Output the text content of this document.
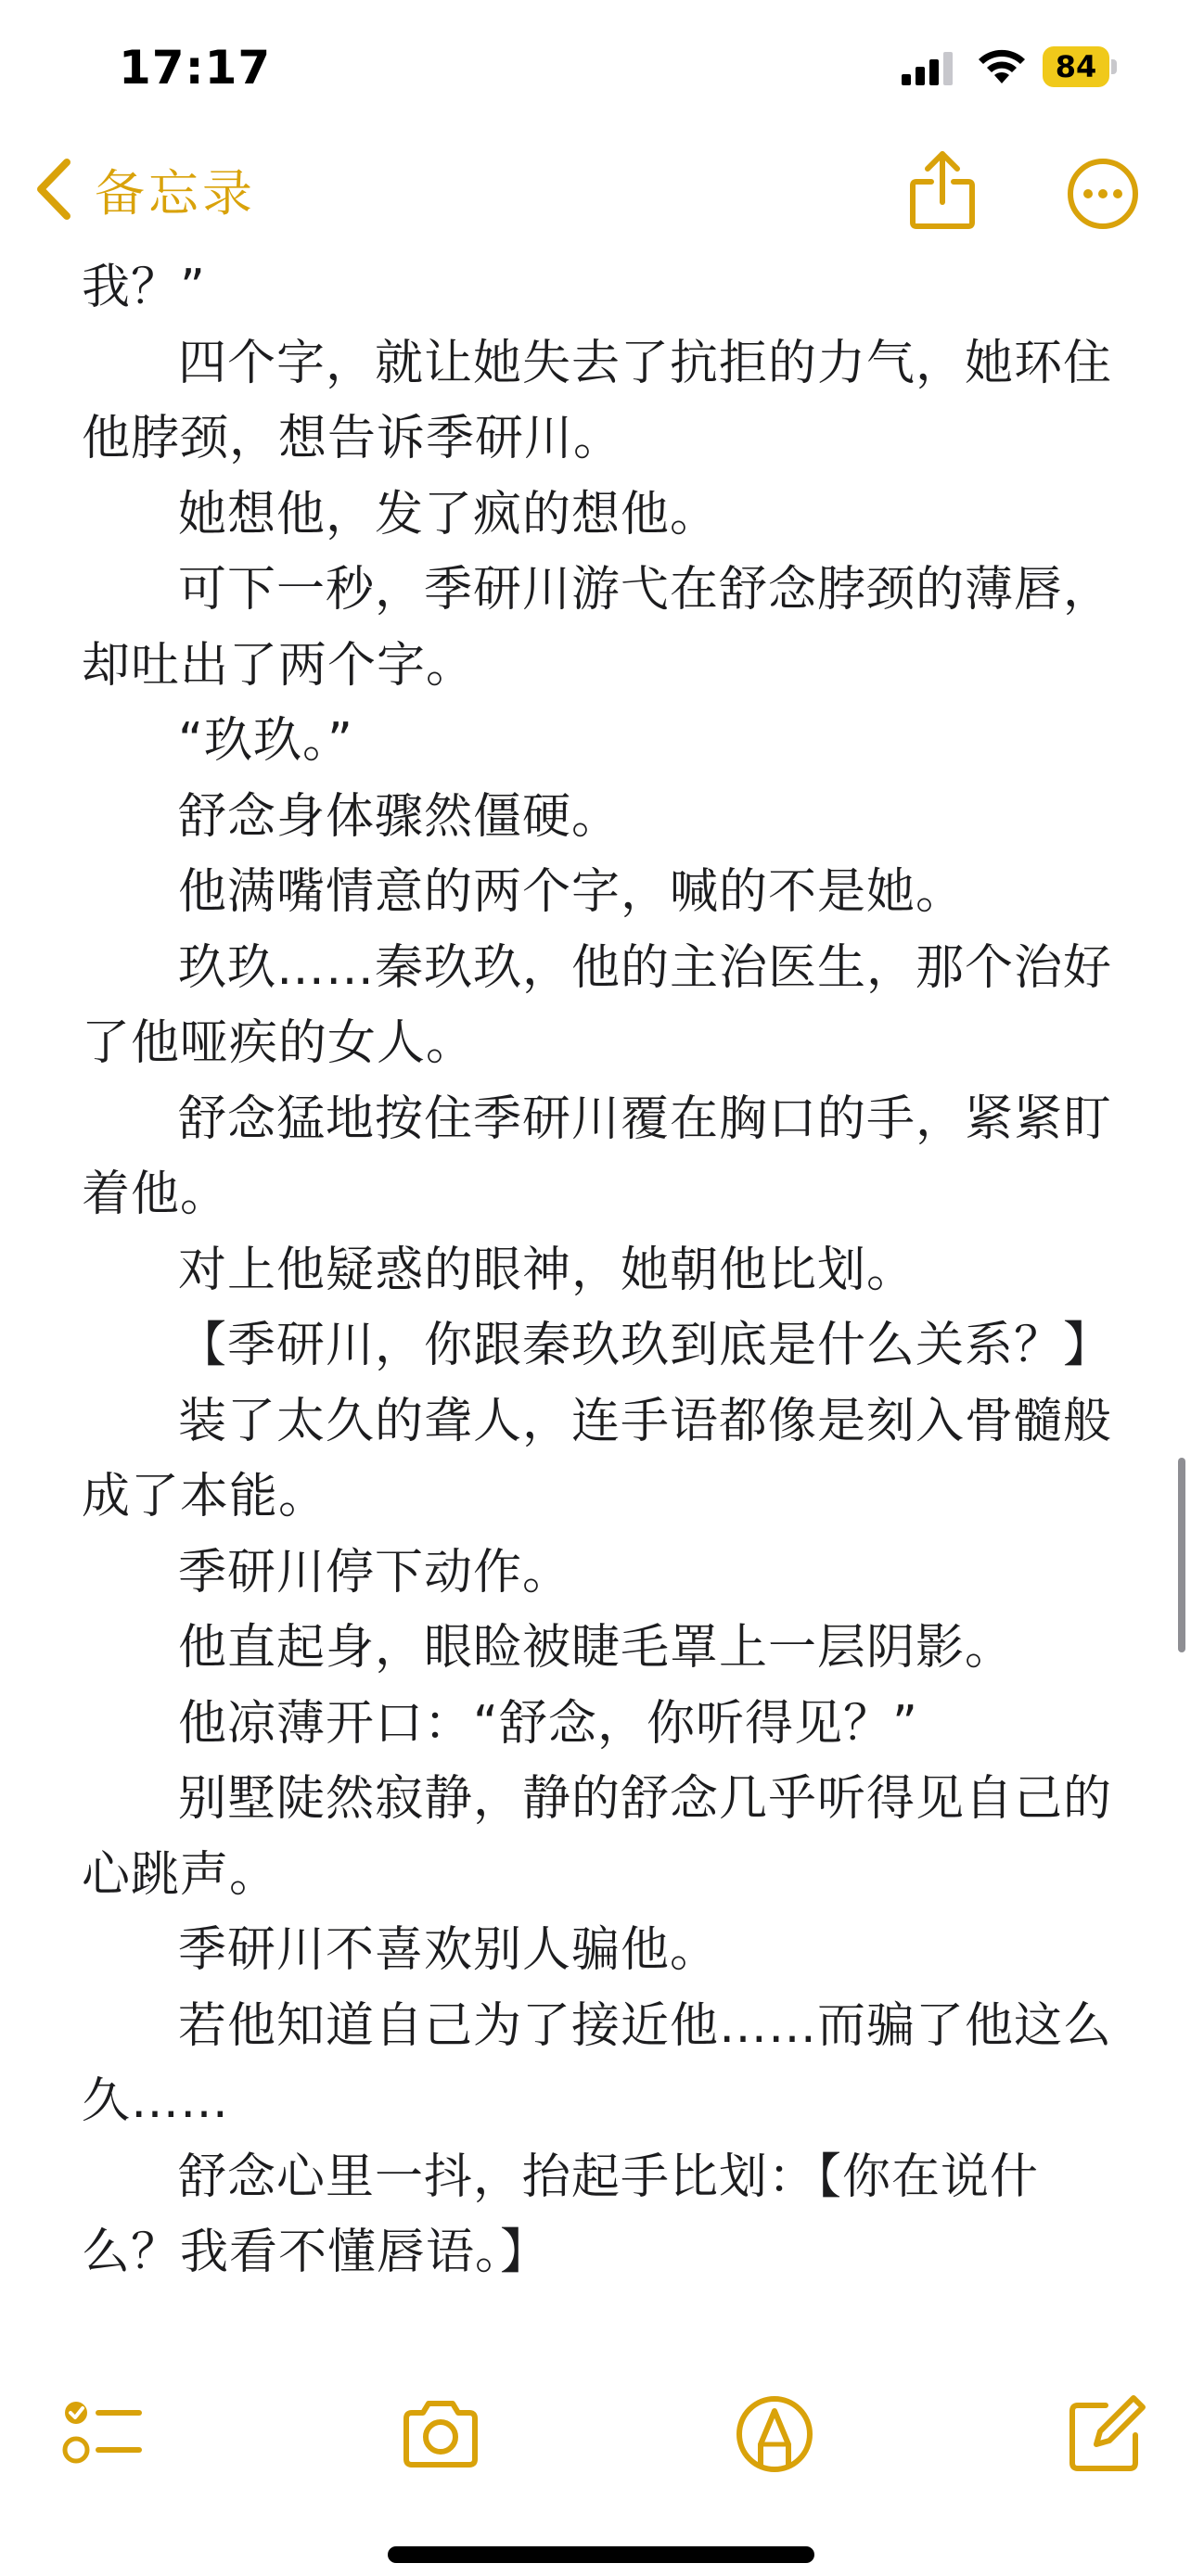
17:17	84
备忘录

我？”

四个字，就让她失去了抗拒的力气，她环住他脖颈，想告诉季研川。

她想他，发了疯的想他。

可下一秒，季研川游弋在舒念脖颈的薄唇，却吐出了两个字。

“玖玖。”

舒念身体骤然僵硬。

他满嘴情意的两个字，喊的不是她。

玖玖……秦玖玖，他的主治医生，那个治好了他哑疾的女人。

舒念猛地按住季研川覆在胸口的手，紧紧盯着他。

对上他疑惑的眼神，她朝他比划。

【季研川，你跟秦玖玖到底是什么关系？】

装了太久的聋人，连手语都像是刻入骨髓般成了本能。

季研川停下动作。

他直起身，眼睑被睫毛罩上一层阴影。

他凉薄开口：“舒念，你听得见？”

别墅陡然寂静，静的舒念几乎听得见自己的心跳声。

季研川不喜欢别人骗他。

若他知道自己为了接近他……而骗了他这么久……

舒念心里一抖，抬起手比划：【你在说什么？我看不懂唇语。】
